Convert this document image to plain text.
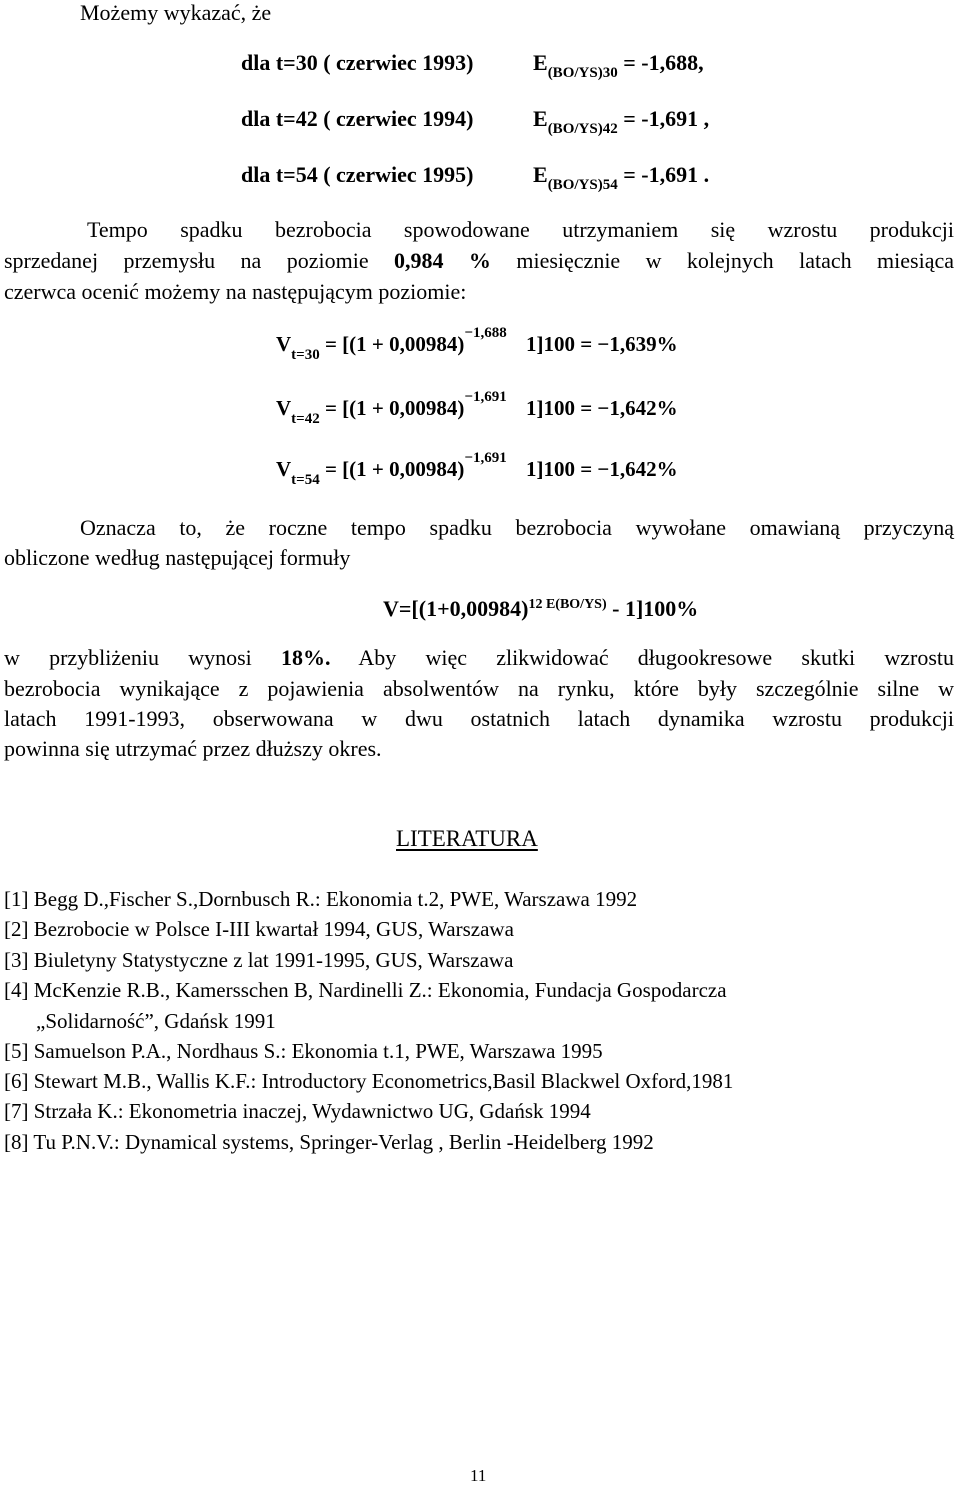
Możemy wykazać, że
dla t=30 ( czerwiec 1993)	$E_{(BO/YS)30} = -1,688$,
dla t=42 ( czerwiec 1994)	$E_{(BO/YS)42} = -1,691$ ,
dla t=54 ( czerwiec 1995)	$E_{(BO/YS)54} = -1,691$ .
Tempo spadku bezrobocia spowodowane utrzymaniem się wzrostu produkcji
sprzedanej przemysłu na poziomie 0,984 % miesięcznie w kolejnych latach miesiąca
czerwca ocenić możemy na następującym poziomie:
$V_{t=30} = [(1 + 0,00984)^{-1,688}$ 1]100 = −1,639%
$V_{t=42} = [(1 + 0,00984)^{-1,691}$ 1]100 = −1,642%
$V_{t=54} = [(1 + 0,00984)^{-1,691}$ 1]100 = −1,642%
Oznacza to, że roczne tempo spadku bezrobocia wywołane omawianą przyczyną
obliczone według następującej formuły
$V=[(1+0,00984)^{12 E(BO/YS)} - 1]100\%$
w przybliżeniu wynosi 18%. Aby więc zlikwidować długookresowe skutki wzrostu
bezrobocia wynikające z pojawienia absolwentów na rynku, które były szczególnie silne w
latach 1991-1993, obserwowana w dwu ostatnich latach dynamika wzrostu produkcji
powinna się utrzymać przez dłuższy okres.
LITERATURA
[1] Begg D.,Fischer S.,Dornbusch R.: Ekonomia t.2, PWE, Warszawa 1992
[2] Bezrobocie w Polsce I-III kwartał 1994, GUS, Warszawa
[3] Biuletyny Statystyczne z lat 1991-1995, GUS, Warszawa
[4] McKenzie R.B., Kamersschen B, Nardinelli Z.: Ekonomia, Fundacja Gospodarcza
„Solidarność”, Gdańsk 1991
[5] Samuelson P.A., Nordhaus S.: Ekonomia t.1, PWE, Warszawa 1995
[6] Stewart M.B., Wallis K.F.: Introductory Econometrics,Basil Blackwel Oxford,1981
[7] Strzała K.: Ekonometria inaczej, Wydawnictwo UG, Gdańsk 1994
[8] Tu P.N.V.: Dynamical systems, Springer-Verlag , Berlin -Heidelberg 1992
11
